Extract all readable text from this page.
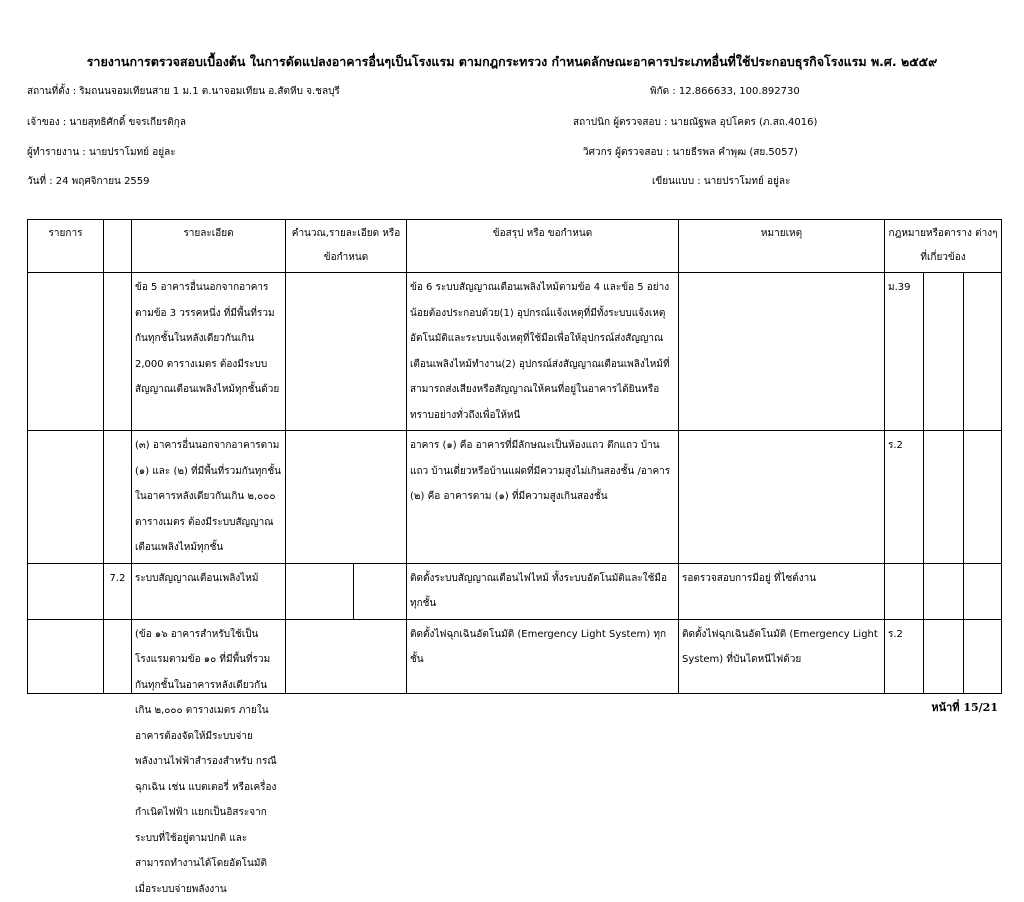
รายงานการตรวจสอบเบื้องต้น ในการดัดแปลงอาคารอื่นๆเป็นโรงแรม ตามกฎกระทรวง กำหนดลักษณะอาคารประเภทอื่นที่ใช้ประกอบธุรกิจโรงแรม พ.ศ. ๒๕๕๙
สถานที่ตั้ง : ริมถนนจอมเทียนสาย 1 ม.1 ต.นาจอมเทียน อ.สัตหีบ จ.ชลบุรี	พิกัด : 12.866633, 100.892730
เจ้าของ : นายสุทธิศักดิ์ ขจรเกียรติกุล	สถาปนิก ผู้ตรวจสอบ : นายณัฐพล อุปโคตร (ภ.สถ.4016)
ผู้ทำรายงาน : นายปราโมทย์ อยู่ละ	วิศวกร ผู้ตรวจสอบ : นายธีรพล คำพุฒ (สย.5057)
วันที่ : 24 พฤศจิกายน 2559	เขียนแบบ : นายปราโมทย์ อยู่ละ
รายการ		รายละเอียด	คำนวณ,รายละเอียด หรือ ข้อกำหนด		ข้อสรุป หรือ ขอกำหนด	หมายเหตุ	กฎหมายหรือตาราง ต่างๆที่เกี่ยวข้อง		
		ข้อ 5 อาคารอื่นนอกจากอาคารตามข้อ 3 วรรคหนึ่ง ที่มีพื้นที่รวมกันทุกชั้นในหลังเดียวกันเกิน 2,000 ตารางเมตร ต้องมีระบบสัญญาณเตือนเพลิงไหม้ทุกชั้นด้วย			ข้อ 6 ระบบสัญญาณเตือนเพลิงไหม้ตามข้อ 4 และข้อ 5 อย่างน้อยต้องประกอบด้วย(1) อุปกรณ์แจ้งเหตุที่มีทั้งระบบแจ้งเหตุอัตโนมัติและระบบแจ้งเหตุที่ใช้มือเพื่อให้อุปกรณ์ส่งสัญญาณเตือนเพลิงไหม้ทำงาน(2) อุปกรณ์ส่งสัญญาณเตือนเพลิงไหม้ที่สามารถส่งเสียงหรือสัญญาณให้คนที่อยู่ในอาคารได้ยินหรือทราบอย่างทั่วถึงเพื่อให้หนี		ม.39		
		(๓) อาคารอื่นนอกจากอาคารตาม (๑) และ (๒) ที่มีพื้นที่รวมกันทุกชั้นในอาคารหลังเดียวกันเกิน ๒,๐๐๐ ตารางเมตร ต้องมีระบบสัญญาณเตือนเพลิงไหม้ทุกชั้น			อาคาร (๑) คือ อาคารที่มีลักษณะเป็นห้องแถว ตึกแถว บ้านแถว บ้านเดี่ยวหรือบ้านแฝดที่มีความสูงไม่เกินสองชั้น /อาคาร (๒) คือ อาคารตาม (๑) ที่มีความสูงเกินสองชั้น		ร.2		
	7.2	ระบบสัญญาณเตือนเพลิงไหม้			ติดตั้งระบบสัญญาณเตือนไฟไหม้ ทั้งระบบอัตโนมัติและใช้มือ ทุกชั้น	รอตรวจสอบการมีอยู่ ที่ไซต์งาน			

		(ข้อ ๑๖ อาคารสำหรับใช้เป็นโรงแรมตามข้อ ๑๐ ที่มีพื้นที่รวมกันทุกชั้นในอาคารหลังเดียวกันเกิน ๒,๐๐๐ ตารางเมตร ภายในอาคารต้องจัดให้มีระบบจ่ายพลังงานไฟฟ้าสำรองสำหรับ กรณีฉุกเฉิน เช่น แบตเตอรี่ หรือเครื่องกำเนิดไฟฟ้า แยกเป็นอิสระจากระบบที่ใช้อยู่ตามปกติ และสามารถทำงานได้โดยอัตโนมัติเมื่อระบบจ่ายพลังงาน			ติดตั้งไฟฉุกเฉินอัตโนมัติ (Emergency Light System) ทุกชั้น	ติดตั้งไฟฉุกเฉินอัตโนมัติ (Emergency Light System) ที่บันไดหนีไฟด้วย	ร.2		

หน้าที่ 15/21
